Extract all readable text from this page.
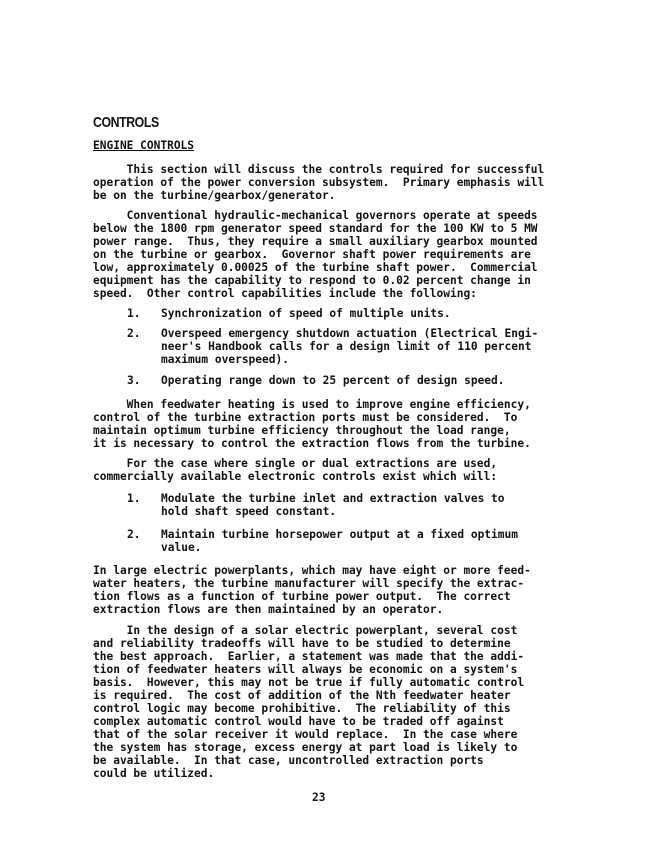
CONTROLS
ENGINE CONTROLS
This section will discuss the controls required for successful
operation of the power conversion subsystem.  Primary emphasis will
be on the turbine/gearbox/generator.
Conventional hydraulic-mechanical governors operate at speeds
below the 1800 rpm generator speed standard for the 100 KW to 5 MW
power range.  Thus, they require a small auxiliary gearbox mounted
on the turbine or gearbox.  Governor shaft power requirements are
low, approximately 0.00025 of the turbine shaft power.  Commercial
equipment has the capability to respond to 0.02 percent change in
speed.  Other control capabilities include the following:
1. Synchronization of speed of multiple units.
2. Overspeed emergency shutdown actuation (Electrical Engi-
neer's Handbook calls for a design limit of 110 percent
maximum overspeed).
3. Operating range down to 25 percent of design speed.
When feedwater heating is used to improve engine efficiency,
control of the turbine extraction ports must be considered.  To
maintain optimum turbine efficiency throughout the load range,
it is necessary to control the extraction flows from the turbine.
For the case where single or dual extractions are used,
commercially available electronic controls exist which will:
1. Modulate the turbine inlet and extraction valves to
hold shaft speed constant.
2. Maintain turbine horsepower output at a fixed optimum
value.
In large electric powerplants, which may have eight or more feed-
water heaters, the turbine manufacturer will specify the extrac-
tion flows as a function of turbine power output.  The correct
extraction flows are then maintained by an operator.
In the design of a solar electric powerplant, several cost
and reliability tradeoffs will have to be studied to determine
the best approach.  Earlier, a statement was made that the addi-
tion of feedwater heaters will always be economic on a system's
basis.  However, this may not be true if fully automatic control
is required.  The cost of addition of the Nth feedwater heater
control logic may become prohibitive.  The reliability of this
complex automatic control would have to be traded off against
that of the solar receiver it would replace.  In the case where
the system has storage, excess energy at part load is likely to
be available.  In that case, uncontrolled extraction ports
could be utilized.
23
